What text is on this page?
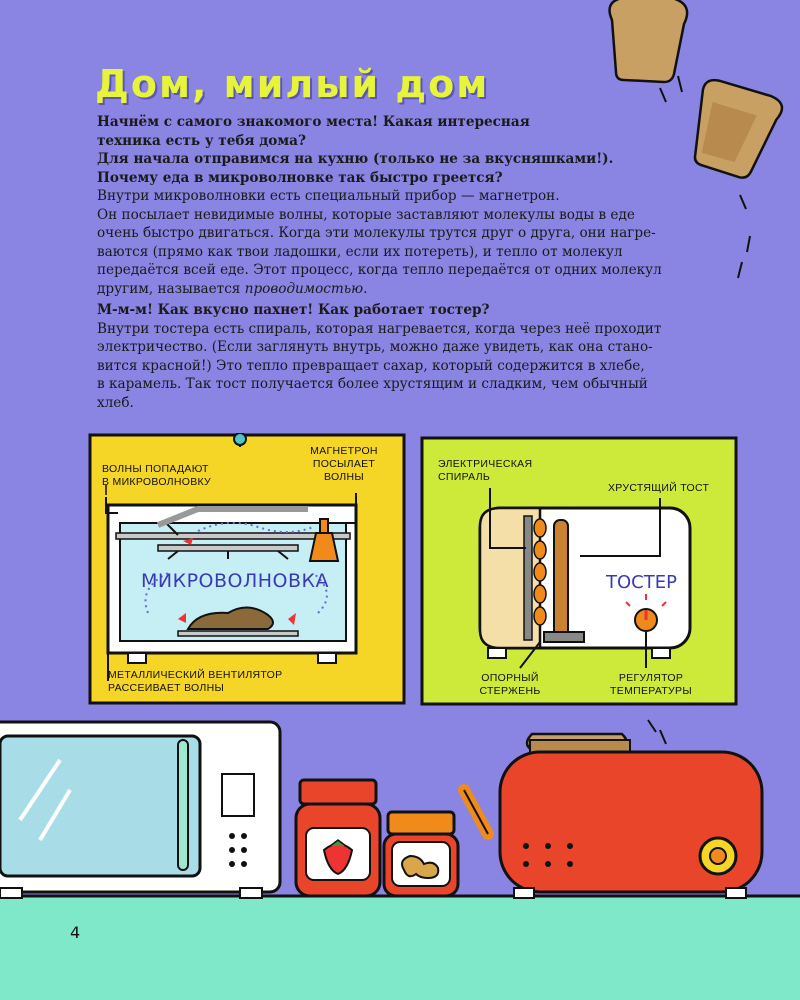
Дом, милый дом

Начнём с самого знакомого места! Какая интересная

техника есть у тебя дома?

Для начала отправимся на кухню (только не за вкусняшками!).

Почему еда в микроволновке так быстро греется?

Внутри микроволновки есть специальный прибор — магнетрон.

Он посылает невидимые волны, которые заставляют молекулы воды в еде

очень быстро двигаться. Когда эти молекулы трутся друг о друга, они нагре-

ваются (прямо как твои ладошки, если их потереть), и тепло от молекул

передаётся всей еде. Этот процесс, когда тепло передаётся от одних молекул

другим, называется проводимостью.

М-м-м! Как вкусно пахнет! Как работает тостер?

Внутри тостера есть спираль, которая нагревается, когда через неё проходит

электричество. (Если заглянуть внутрь, можно даже увидеть, как она стано-

вится красной!) Это тепло превращает сахар, который содержится в хлебе,

в карамель. Так тост получается более хрустящим и сладким, чем обычный

хлеб.

ВОЛНЫ ПОПАДАЮТ
В МИКРОВОЛНОВКУ
МАГНЕТРОН
ПОСЫЛАЕТ
ВОЛНЫ
МИКРОВОЛНОВКА
МЕТАЛЛИЧЕСКИЙ ВЕНТИЛЯТОР
РАССЕИВАЕТ ВОЛНЫ
ЭЛЕКТРИЧЕСКАЯ
СПИРАЛЬ
ХРУСТЯЩИЙ ТОСТ
ТОСТЕР
ОПОРНЫЙ
СТЕРЖЕНЬ
РЕГУЛЯТОР
ТЕМПЕРАТУРЫ
4
